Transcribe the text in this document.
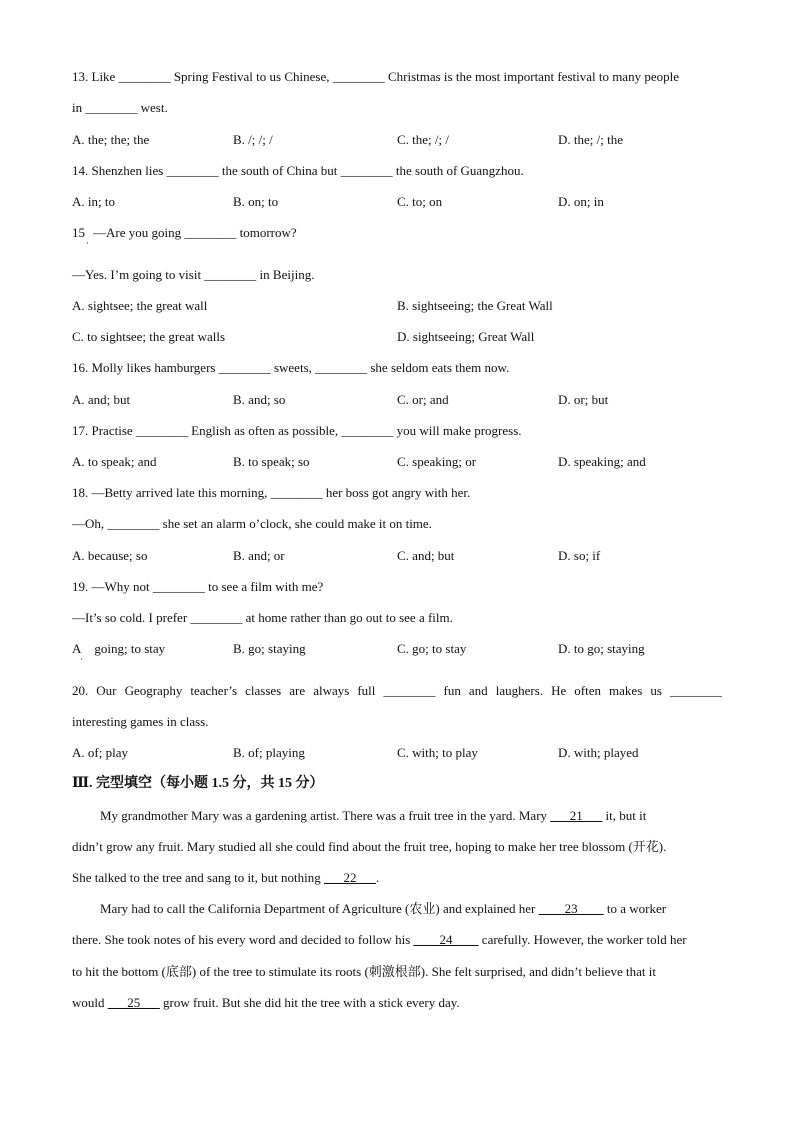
13. Like ________ Spring Festival to us Chinese, ________ Christmas is the most important festival to many people
in ________ west.
A. the; the; the	B. /; /; /	C. the; /; /	D. the; /; the
14. Shenzhen lies ________ the south of China but ________ the south of Guangzhou.
A. in; to	B. on; to	C. to; on	D. on; in
15 —Are you going ________ tomorrow?
·
—Yes. I’m going to visit ________ in Beijing.
A. sightsee; the great wall	B. sightseeing; the Great Wall
C. to sightsee; the great walls	D. sightseeing; Great Wall
16. Molly likes hamburgers ________ sweets, ________ she seldom eats them now.
A. and; but	B. and; so	C. or; and	D. or; but
17. Practise ________ English as often as possible, ________ you will make progress.
A. to speak; and	B. to speak; so	C. speaking; or	D. speaking; and
18. —Betty arrived late this morning, ________ her boss got angry with her.
—Oh, ________ she set an alarm o’clock, she could make it on time.
A. because; so	B. and; or	C. and; but	D. so; if
19. —Why not ________ to see a film with me?
—It’s so cold. I prefer ________ at home rather than go out to see a film.
A going; to stay	B. go; staying	C. go; to stay	D. to go; staying
·
20. Our Geography teacher’s classes are always full ________ fun and laughers. He often makes us ________
interesting games in class.
A. of; play	B. of; playing	C. with; to play	D. with; played
Ⅲ. 完型填空（每小题 1.5 分，共 15 分）
My grandmother Mary was a gardening artist. There was a fruit tree in the yard. Mary ___21___ it, but it
didn’t grow any fruit. Mary studied all she could find about the fruit tree, hoping to make her tree blossom (开花).
She talked to the tree and sang to it, but nothing ___22___.
Mary had to call the California Department of Agriculture (农业) and explained her ____23____ to a worker
there. She took notes of his every word and decided to follow his ____24____ carefully. However, the worker told her
to hit the bottom (底部) of the tree to stimulate its roots (刺激根部). She felt surprised, and didn’t believe that it
would ___25___ grow fruit. But she did hit the tree with a stick every day.
